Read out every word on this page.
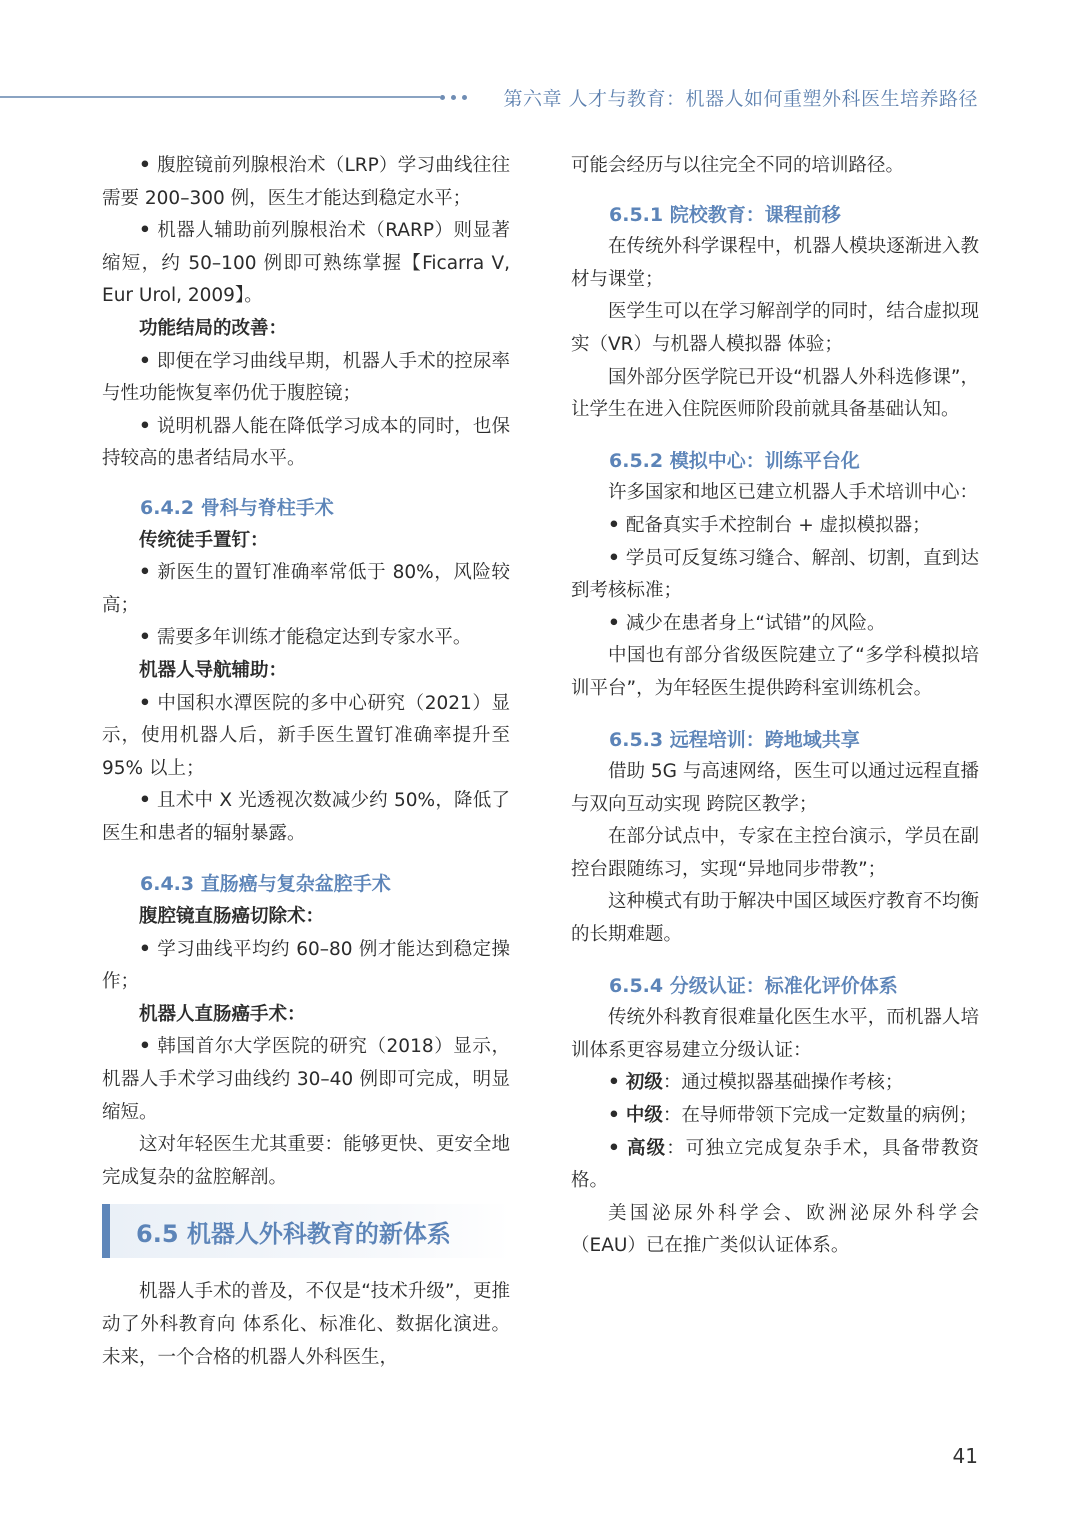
第六章 人才与教育：机器人如何重塑外科医生培养路径

• 腹腔镜前列腺根治术（LRP）学习曲线往往需要 200–300 例，医生才能达到稳定水平；

• 机器人辅助前列腺根治术（RARP）则显著缩短，约 50–100 例即可熟练掌握【Ficarra V, Eur Urol, 2009】。

功能结局的改善：

• 即便在学习曲线早期，机器人手术的控尿率与性功能恢复率仍优于腹腔镜；

• 说明机器人能在降低学习成本的同时，也保持较高的患者结局水平。

6.4.2 骨科与脊柱手术

传统徒手置钉：

• 新医生的置钉准确率常低于 80%，风险较高；

• 需要多年训练才能稳定达到专家水平。

机器人导航辅助：

• 中国积水潭医院的多中心研究（2021）显示，使用机器人后，新手医生置钉准确率提升至 95% 以上；

• 且术中 X 光透视次数减少约 50%，降低了医生和患者的辐射暴露。

6.4.3 直肠癌与复杂盆腔手术

腹腔镜直肠癌切除术：

• 学习曲线平均约 60–80 例才能达到稳定操作；

机器人直肠癌手术：

• 韩国首尔大学医院的研究（2018）显示，机器人手术学习曲线约 30–40 例即可完成，明显缩短。

这对年轻医生尤其重要：能够更快、更安全地完成复杂的盆腔解剖。

6.5 机器人外科教育的新体系

机器人手术的普及，不仅是“技术升级”，更推动了外科教育向 体系化、标准化、数据化演进。未来，一个合格的机器人外科医生，

可能会经历与以往完全不同的培训路径。

6.5.1 院校教育：课程前移

在传统外科学课程中，机器人模块逐渐进入教材与课堂；

医学生可以在学习解剖学的同时，结合虚拟现实（VR）与机器人模拟器 体验；

国外部分医学院已开设“机器人外科选修课”，让学生在进入住院医师阶段前就具备基础认知。

6.5.2 模拟中心：训练平台化

许多国家和地区已建立机器人手术培训中心：

• 配备真实手术控制台 + 虚拟模拟器；

• 学员可反复练习缝合、解剖、切割，直到达到考核标准；

• 减少在患者身上“试错”的风险。

中国也有部分省级医院建立了“多学科模拟培训平台”，为年轻医生提供跨科室训练机会。

6.5.3 远程培训：跨地域共享

借助 5G 与高速网络，医生可以通过远程直播与双向互动实现 跨院区教学；

在部分试点中，专家在主控台演示，学员在副控台跟随练习，实现“异地同步带教”；

这种模式有助于解决中国区域医疗教育不均衡的长期难题。

6.5.4 分级认证：标准化评价体系

传统外科教育很难量化医生水平，而机器人培训体系更容易建立分级认证：

• 初级：通过模拟器基础操作考核；

• 中级：在导师带领下完成一定数量的病例；

• 高级：可独立完成复杂手术，具备带教资格。

美国泌尿外科学会、欧洲泌尿外科学会（EAU）已在推广类似认证体系。

41
